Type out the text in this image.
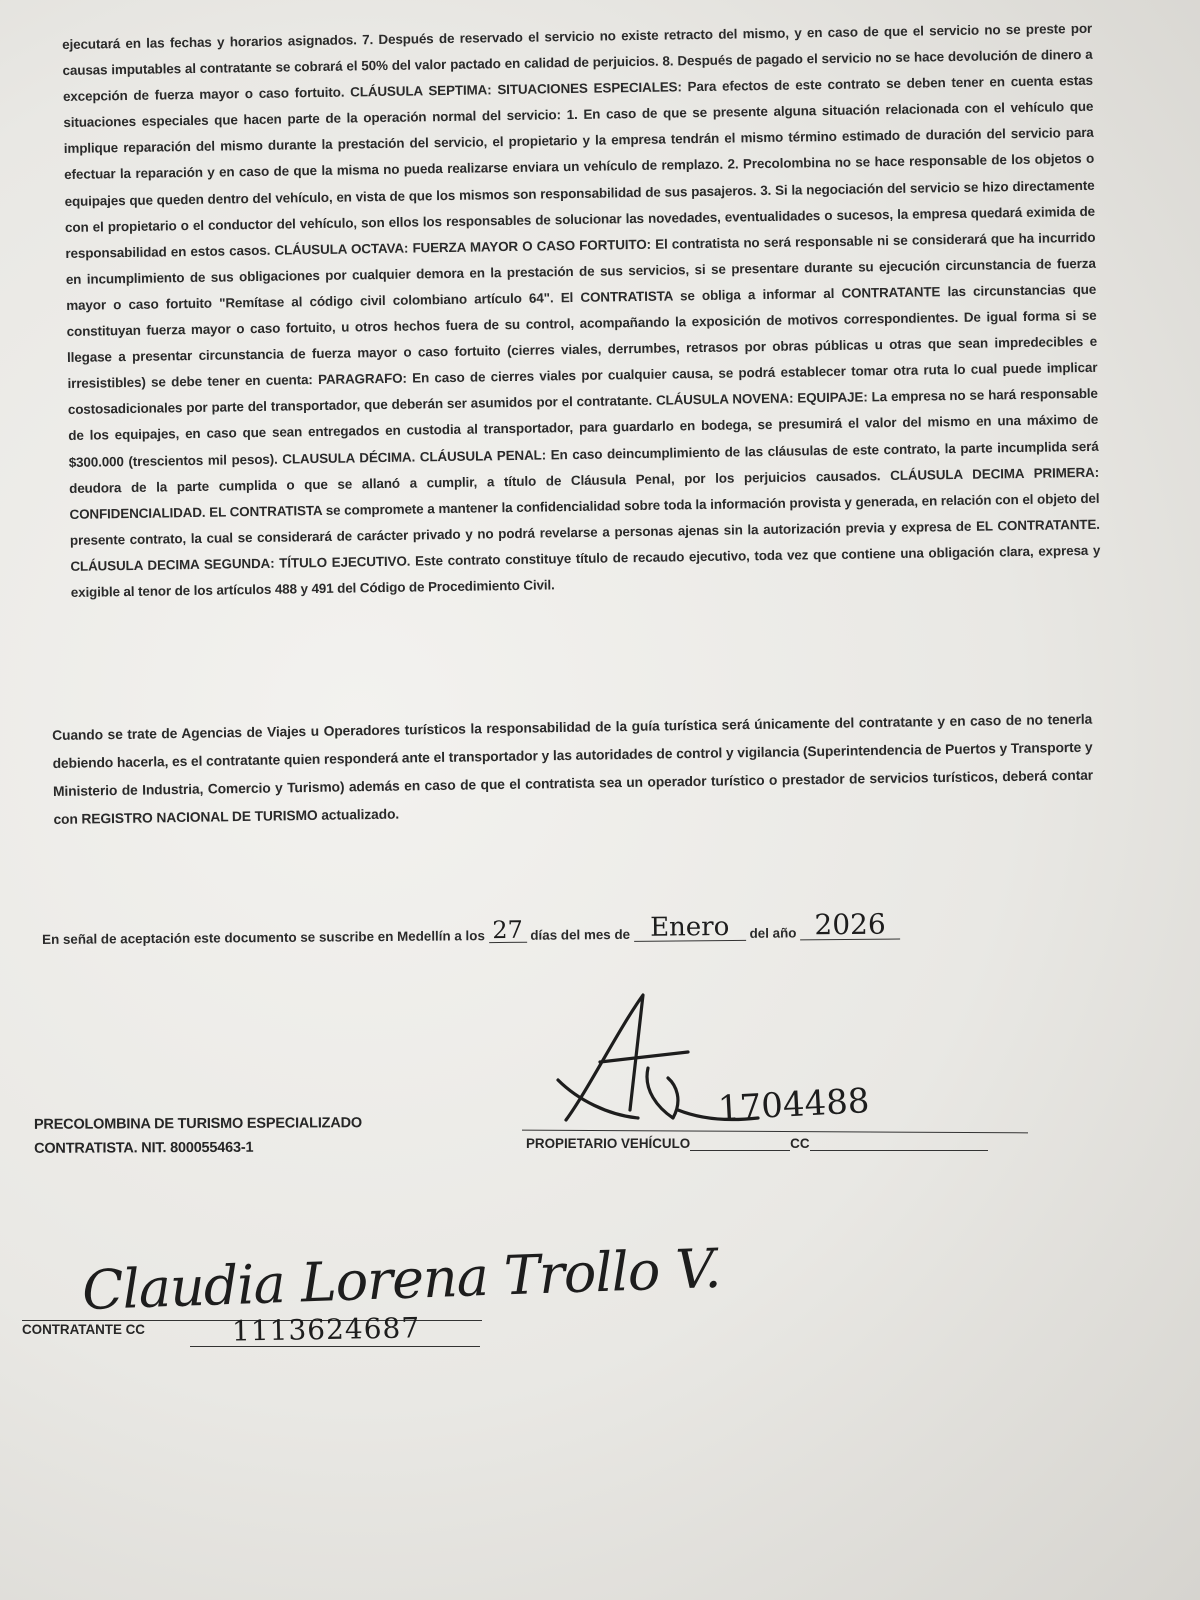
ejecutará en las fechas y horarios asignados. 7. Después de reservado el servicio no existe retracto del mismo, y en caso de que el servicio no se preste por causas imputables al contratante se cobrará el 50% del valor pactado en calidad de perjuicios. 8. Después de pagado el servicio no se hace devolución de dinero a excepción de fuerza mayor o caso fortuito. CLÁUSULA SEPTIMA: SITUACIONES ESPECIALES: Para efectos de este contrato se deben tener en cuenta estas situaciones especiales que hacen parte de la operación normal del servicio: 1. En caso de que se presente alguna situación relacionada con el vehículo que implique reparación del mismo durante la prestación del servicio, el propietario y la empresa tendrán el mismo término estimado de duración del servicio para efectuar la reparación y en caso de que la misma no pueda realizarse enviara un vehículo de remplazo. 2. Precolombina no se hace responsable de los objetos o equipajes que queden dentro del vehículo, en vista de que los mismos son responsabilidad de sus pasajeros. 3. Si la negociación del servicio se hizo directamente con el propietario o el conductor del vehículo, son ellos los responsables de solucionar las novedades, eventualidades o sucesos, la empresa quedará eximida de responsabilidad en estos casos. CLÁUSULA OCTAVA: FUERZA MAYOR O CASO FORTUITO: El contratista no será responsable ni se considerará que ha incurrido en incumplimiento de sus obligaciones por cualquier demora en la prestación de sus servicios, si se presentare durante su ejecución circunstancia de fuerza mayor o caso fortuito "Remítase al código civil colombiano artículo 64". El CONTRATISTA se obliga a informar al CONTRATANTE las circunstancias que constituyan fuerza mayor o caso fortuito, u otros hechos fuera de su control, acompañando la exposición de motivos correspondientes. De igual forma si se llegase a presentar circunstancia de fuerza mayor o caso fortuito (cierres viales, derrumbes, retrasos por obras públicas u otras que sean impredecibles e irresistibles) se debe tener en cuenta: PARAGRAFO: En caso de cierres viales por cualquier causa, se podrá establecer tomar otra ruta lo cual puede implicar costosadicionales por parte del transportador, que deberán ser asumidos por el contratante. CLÁUSULA NOVENA: EQUIPAJE: La empresa no se hará responsable de los equipajes, en caso que sean entregados en custodia al transportador, para guardarlo en bodega, se presumirá el valor del mismo en una máximo de $300.000 (trescientos mil pesos). CLAUSULA DÉCIMA. CLÁUSULA PENAL: En caso deincumplimiento de las cláusulas de este contrato, la parte incumplida será deudora de la parte cumplida o que se allanó a cumplir, a título de Cláusula Penal, por los perjuicios causados. CLÁUSULA DECIMA PRIMERA: CONFIDENCIALIDAD. EL CONTRATISTA se compromete a mantener la confidencialidad sobre toda la información provista y generada, en relación con el objeto del presente contrato, la cual se considerará de carácter privado y no podrá revelarse a personas ajenas sin la autorización previa y expresa de EL CONTRATANTE. CLÁUSULA DECIMA SEGUNDA: TÍTULO EJECUTIVO. Este contrato constituye título de recaudo ejecutivo, toda vez que contiene una obligación clara, expresa y exigible al tenor de los artículos 488 y 491 del Código de Procedimiento Civil.
Cuando se trate de Agencias de Viajes u Operadores turísticos la responsabilidad de la guía turística será únicamente del contratante y en caso de no tenerla debiendo hacerla, es el contratante quien responderá ante el transportador y las autoridades de control y vigilancia (Superintendencia de Puertos y Transporte y Ministerio de Industria, Comercio y Turismo) además en caso de que el contratista sea un operador turístico o prestador de servicios turísticos, deberá contar con REGISTRO NACIONAL DE TURISMO actualizado.
En señal de aceptación este documento se suscribe en Medellín a los 27 días del mes de Enero	del año 2026
1704488
PRECOLOMBINA DE TURISMO ESPECIALIZADO
CONTRATISTA. NIT. 800055463-1	PROPIETARIO VEHÍCULO	CC
Claudia Lorena Trollo V.
CONTRATANTE CC	1113624687
